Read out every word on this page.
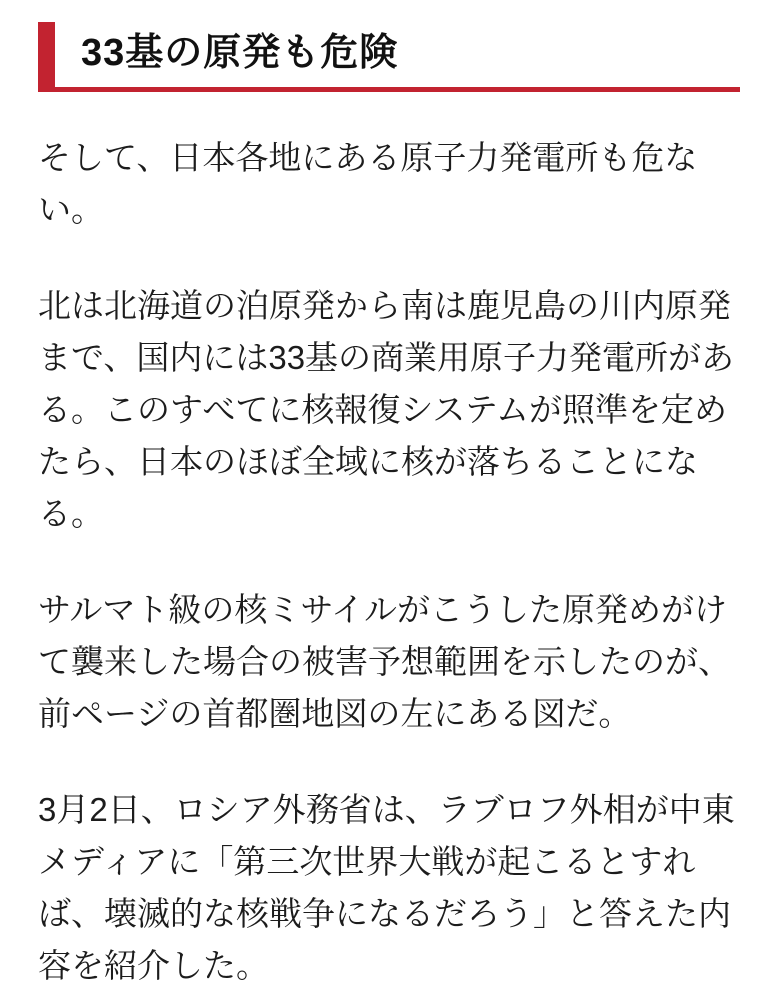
33基の原発も危険

そして、日本各地にある原子力発電所も危ない。

北は北海道の泊原発から南は鹿児島の川内原発まで、国内には33基の商業用原子力発電所がある。このすべてに核報復システムが照準を定めたら、日本のほぼ全域に核が落ちることになる。

サルマト級の核ミサイルがこうした原発めがけて襲来した場合の被害予想範囲を示したのが、前ページの首都圏地図の左にある図だ。

3月2日、ロシア外務省は、ラブロフ外相が中東メディアに「第三次世界大戦が起こるとすれば、壊滅的な核戦争になるだろう」と答えた内容を紹介した。
